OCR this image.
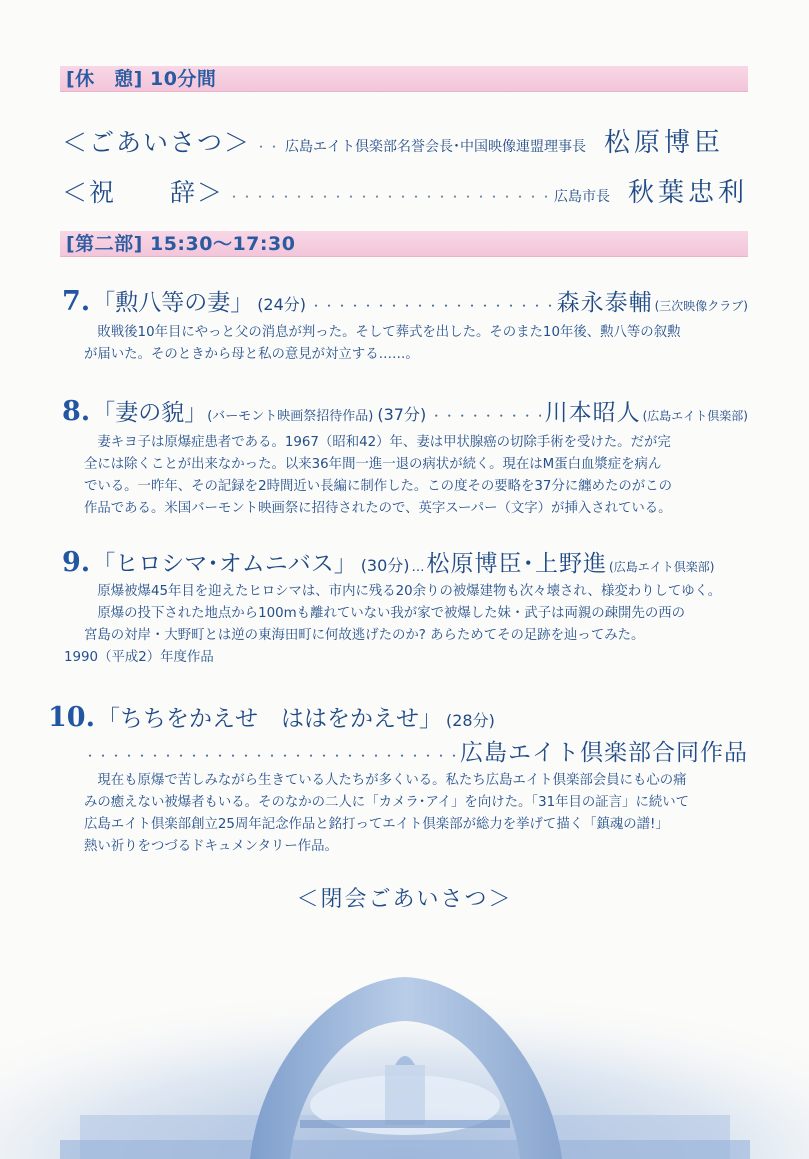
[休　憩] 10分間
＜ごあいさつ＞ ・・・・・・・・・・・・・・・・・・・・・・・・・・・・・・・・・・・・・・・・・・・・・・・・・・・・・・・・・・・・・・・・・・・・・・・・・・・・・・・・・・・・ 広島エイト倶楽部名誉会長･中国映像連盟理事長 松原博臣
＜祝　　辞＞ ・・・・・・・・・・・・・・・・・・・・・・・・・・・・・・・・・・・・・・・・・・・・・・・・・・・・・・・・・・・・・・・・・・・・・・・・・・・・・・・・・・・・	広島市長 秋葉忠利
[第二部] 15:30～17:30
7. 「勲八等の妻」 (24分) ・・・・・・・・・・・・・・・・・・・・・・・・・・・・・・・・・・・・・・・・・・・・・・・・・・・・・・・・・・・・・・・・・・・・・・・・・・・・・・・・・・・・・・・・・・・・・・・・・	森永泰輔 (三次映像クラブ)

　敗戦後10年目にやっと父の消息が判った。そして葬式を出した。そのまた10年後、勲八等の叙勲

が届いた。そのときから母と私の意見が対立する……。

8. 「妻の貌」 (バーモント映画祭招待作品) (37分) ・・・・・・・・・・・・・・・・・・・・・・・・・・・・・・・・・・・・・・・・・・・・・・・・・・・・・・・・・・・・・・・・・・・・・・・・・・・・・・・・・・・・・・・・・・・・・・・・・	川本昭人 (広島エイト倶楽部)

　妻キヨ子は原爆症患者である。1967（昭和42）年、妻は甲状腺癌の切除手術を受けた。だが完

全には除くことが出来なかった。以来36年間一進一退の病状が続く。現在はM蛋白血漿症を病ん

でいる。一昨年、その記録を2時間近い長編に制作した。この度その要略を37分に纏めたのがこの

作品である。米国バーモント映画祭に招待されたので、英字スーパー（文字）が挿入されている。

9. 「ヒロシマ･オムニバス」 (30分) … 松原博臣･上野進 (広島エイト倶楽部)

　原爆被爆45年目を迎えたヒロシマは、市内に残る20余りの被爆建物も次々壊され、様変わりしてゆく。

　原爆の投下された地点から100mも離れていない我が家で被爆した妹・武子は両親の疎開先の西の

宮島の対岸・大野町とは逆の東海田町に何故逃げたのか? あらためてその足跡を辿ってみた。

1990（平成2）年度作品

10. 「ちちをかえせ　ははをかえせ」 (28分)
・・・・・・・・・・・・・・・・・・・・・・・・・・・・・・・・・・・・・・・・・・・・・・・・・・・・・・・・・・・・・・・・・・・・・・・・・・・・・・・・・・・・・・・・・・・・・・・・・
広島エイト倶楽部合同作品

　現在も原爆で苦しみながら生きている人たちが多くいる。私たち広島エイト倶楽部会員にも心の痛

みの癒えない被爆者もいる。そのなかの二人に「カメラ･アイ」を向けた。「31年目の証言」に続いて

広島エイト倶楽部創立25周年記念作品と銘打ってエイト倶楽部が総力を挙げて描く「鎮魂の譜!」

熱い祈りをつづるドキュメンタリー作品。

＜閉会ごあいさつ＞
